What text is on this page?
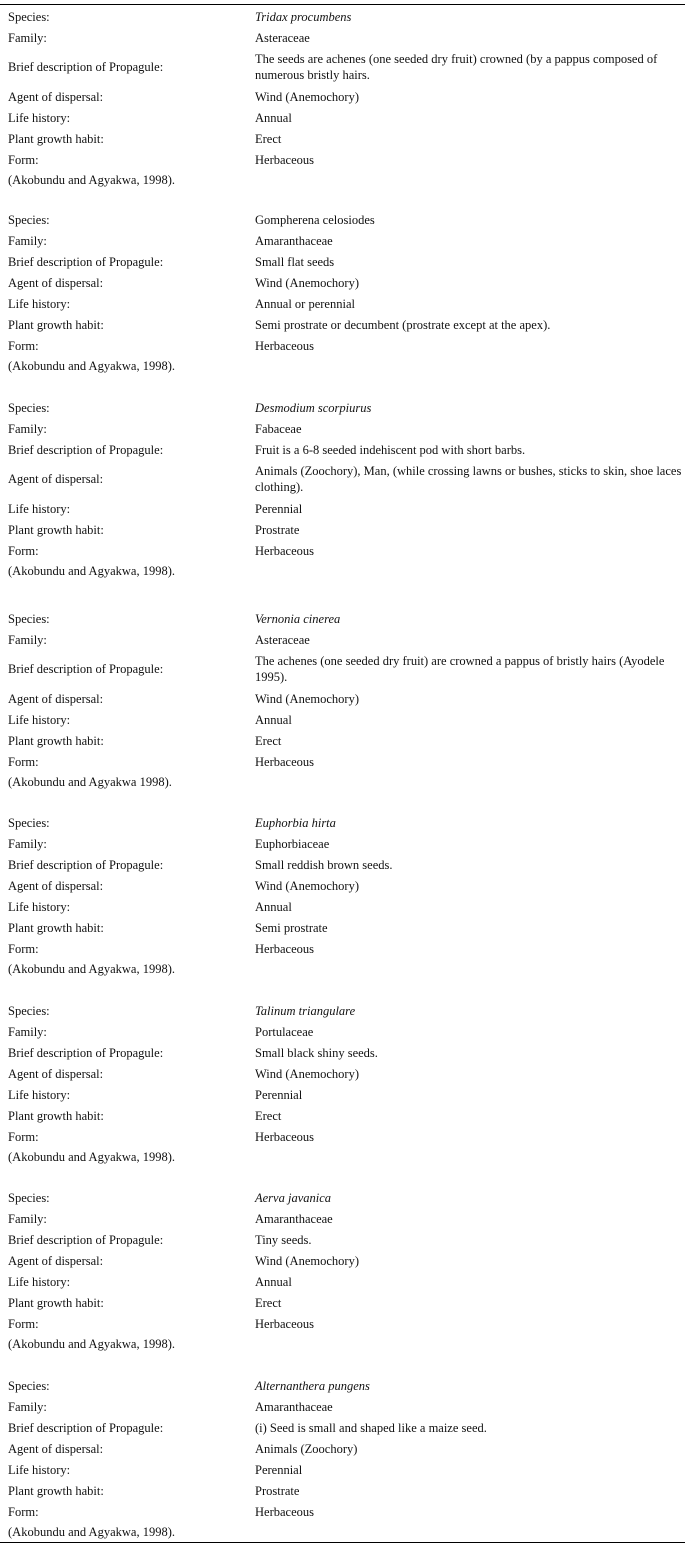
Species:	Tridax procumbens
Family:	Asteraceae
Brief description of Propagule:
The seeds are achenes (one seeded dry fruit) crowned (by a pappus composed of numerous bristly hairs.
Agent of dispersal:	Wind (Anemochory)
Life history:	Annual
Plant growth habit:	Erect
Form:	Herbaceous
(Akobundu and Agyakwa, 1998).
Species:	Gompherena celosiodes
Family:	Amaranthaceae
Brief description of Propagule:	Small flat seeds
Agent of dispersal:	Wind (Anemochory)
Life history:	Annual or perennial
Plant growth habit:	Semi prostrate or decumbent (prostrate except at the apex).
Form:	Herbaceous
(Akobundu and Agyakwa, 1998).
Species:	Desmodium scorpiurus
Family:	Fabaceae
Brief description of Propagule:	Fruit is a 6-8 seeded indehiscent pod with short barbs.
Agent of dispersal:
Animals (Zoochory), Man, (while crossing lawns or bushes, sticks to skin, shoe laces clothing).
Life history:	Perennial
Plant growth habit:	Prostrate
Form:	Herbaceous
(Akobundu and Agyakwa, 1998).
Species:	Vernonia cinerea
Family:	Asteraceae
Brief description of Propagule:
The achenes (one seeded dry fruit) are crowned a pappus of bristly hairs (Ayodele 1995).
Agent of dispersal:	Wind (Anemochory)
Life history:	Annual
Plant growth habit:	Erect
Form:	Herbaceous
(Akobundu and Agyakwa 1998).
Species:	Euphorbia hirta
Family:	Euphorbiaceae
Brief description of Propagule:	Small reddish brown seeds.
Agent of dispersal:	Wind (Anemochory)
Life history:	Annual
Plant growth habit:	Semi prostrate
Form:	Herbaceous
(Akobundu and Agyakwa, 1998).
Species:	Talinum triangulare
Family:	Portulaceae
Brief description of Propagule:	Small black shiny seeds.
Agent of dispersal:	Wind (Anemochory)
Life history:	Perennial
Plant growth habit:	Erect
Form:	Herbaceous
(Akobundu and Agyakwa, 1998).
Species:	Aerva javanica
Family:	Amaranthaceae
Brief description of Propagule:	Tiny seeds.
Agent of dispersal:	Wind (Anemochory)
Life history:	Annual
Plant growth habit:	Erect
Form:	Herbaceous
(Akobundu and Agyakwa, 1998).
Species:	Alternanthera pungens
Family:	Amaranthaceae
Brief description of Propagule:	(i) Seed is small and shaped like a maize seed.
Agent of dispersal:	Animals (Zoochory)
Life history:	Perennial
Plant growth habit:	Prostrate
Form:	Herbaceous
(Akobundu and Agyakwa, 1998).
